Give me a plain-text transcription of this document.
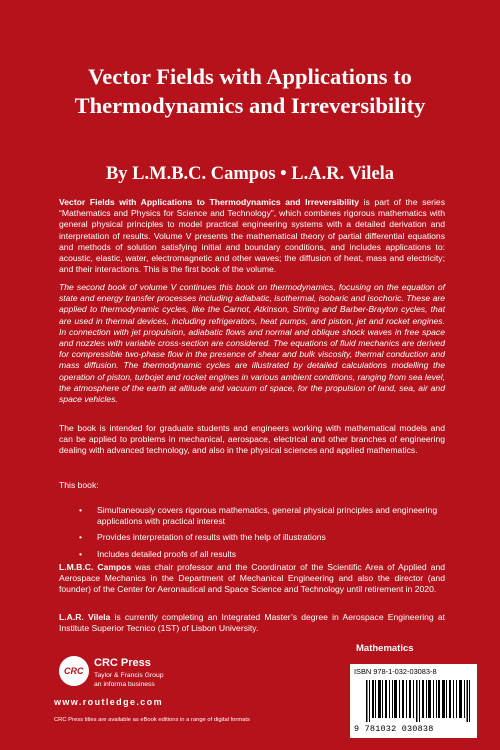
Vector Fields with Applications to Thermodynamics and Irreversibility
By L.M.B.C. Campos • L.A.R. Vilela
Vector Fields with Applications to Thermodynamics and Irreversibility is part of the series “Mathematics and Physics for Science and Technology”, which combines rigorous mathematics with general physical principles to model practical engineering systems with a detailed derivation and interpretation of results. Volume V presents the mathematical theory of partial differential equations and methods of solution satisfying initial and boundary conditions, and includes applications to: acoustic, elastic, water, electromagnetic and other waves; the diffusion of heat, mass and electricity; and their interactions. This is the first book of the volume.
The second book of volume V continues this book on thermodynamics, focusing on the equation of state and energy transfer processes including adiabatic, isothermal, isobaric and isochoric. These are applied to thermodynamic cycles, like the Carnot, Atkinson, Stirling and Barber-Brayton cycles, that are used in thermal devices, including refrigerators, heat pumps, and piston, jet and rocket engines. In connection with jet propulsion, adiabatic flows and normal and oblique shock waves in free space and nozzles with variable cross-section are considered. The equations of fluid mechanics are derived for compressible two-phase flow in the presence of shear and bulk viscosity, thermal conduction and mass diffusion. The thermodynamic cycles are illustrated by detailed calculations modelling the operation of piston, turbojet and rocket engines in various ambient conditions, ranging from sea level, the atmosphere of the earth at altitude and vacuum of space, for the propulsion of land, sea, air and space vehicles.
The book is intended for graduate students and engineers working with mathematical models and can be applied to problems in mechanical, aerospace, electrical and other branches of engineering dealing with advanced technology, and also in the physical sciences and applied mathematics.
This book:
• Simultaneously covers rigorous mathematics, general physical principles and engineering applications with practical interest
• Provides interpretation of results with the help of illustrations
• Includes detailed proofs of all results
L.M.B.C. Campos was chair professor and the Coordinator of the Scientific Area of Applied and Aerospace Mechanics in the Department of Mechanical Engineering and also the director (and founder) of the Center for Aeronautical and Space Science and Technology until retirement in 2020.
L.A.R. Vilela is currently completing an Integrated Master’s degree in Aerospace Engineering at Institute Superior Tecnico (1ST) of Lisbon University.
Mathematics
ISBN 978-1-032-03083-8
9 781032 030838
CRC
CRC Press
Taylor & Francis Group
an informa business
www.routledge.com
CRC Press titles are available as eBook editions in a range of digital formats
